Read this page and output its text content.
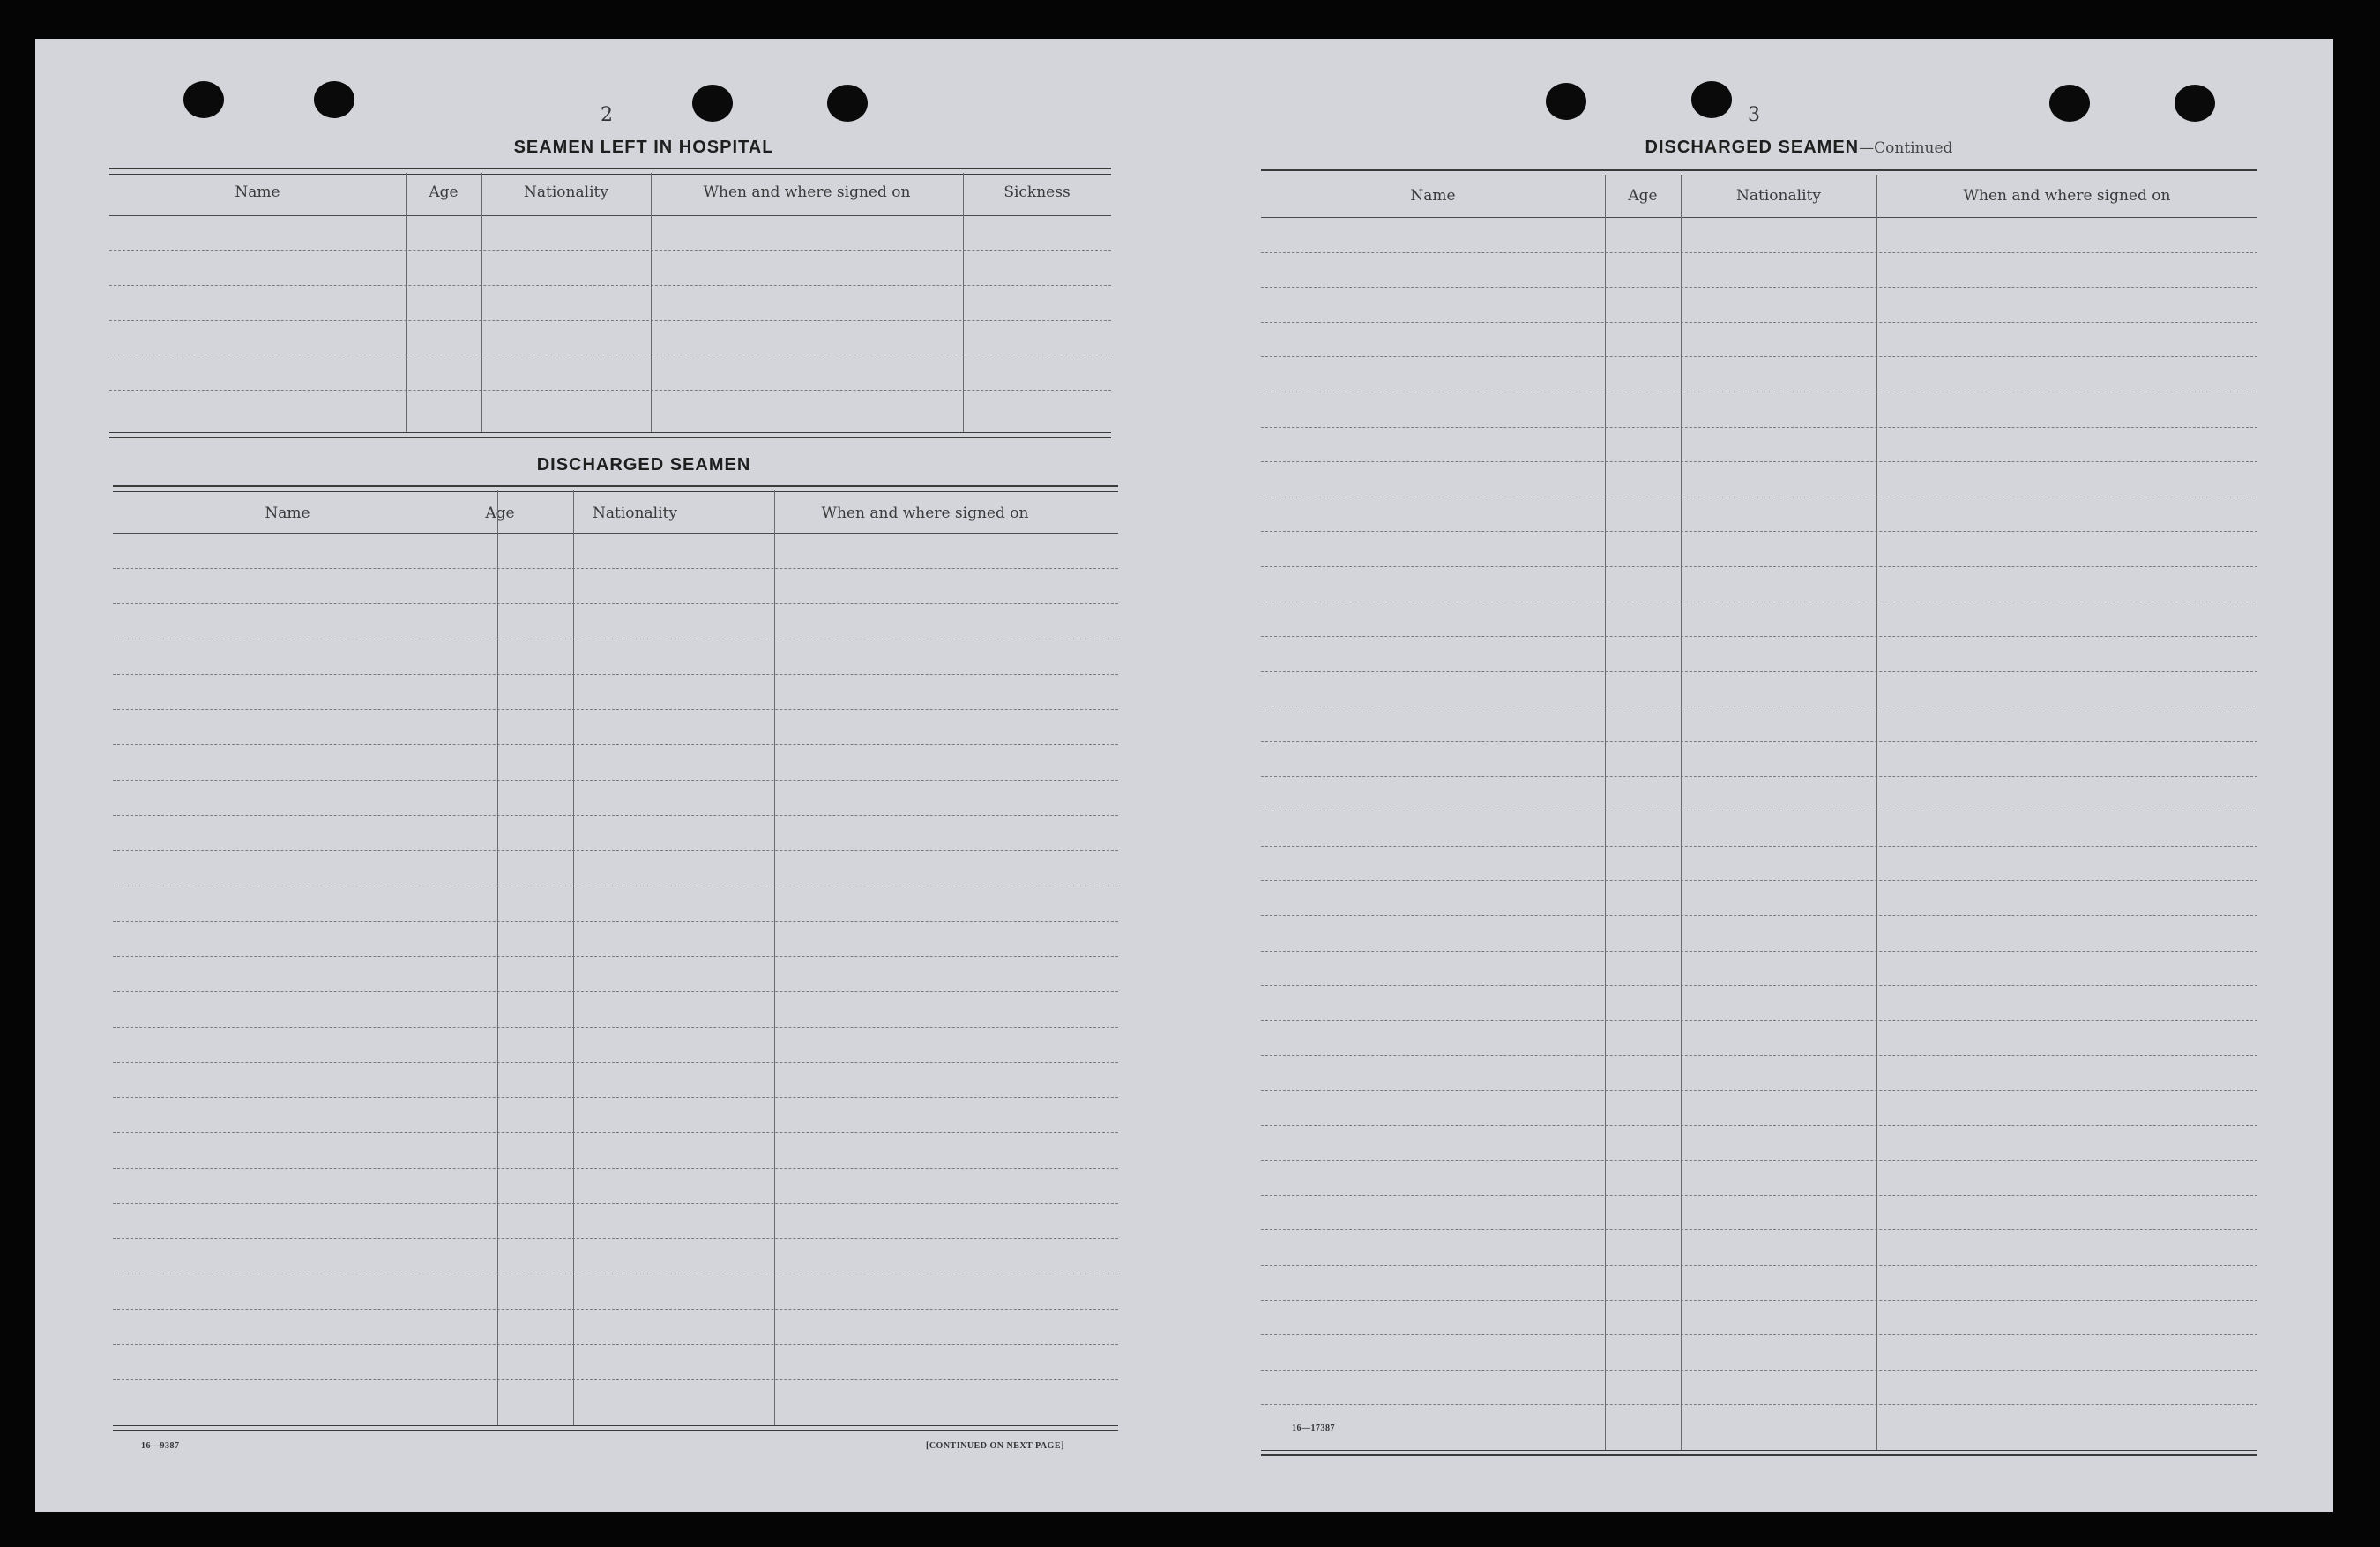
2
SEAMEN LEFT IN HOSPITAL
Name	Age	Nationality	When and where signed on	Sickness
DISCHARGED SEAMEN
Name	Age	Nationality	When and where signed on
16—9387	[CONTINUED ON NEXT PAGE]
3
DISCHARGED SEAMEN—Continued
Name	Age	Nationality	When and where signed on
16—17387
